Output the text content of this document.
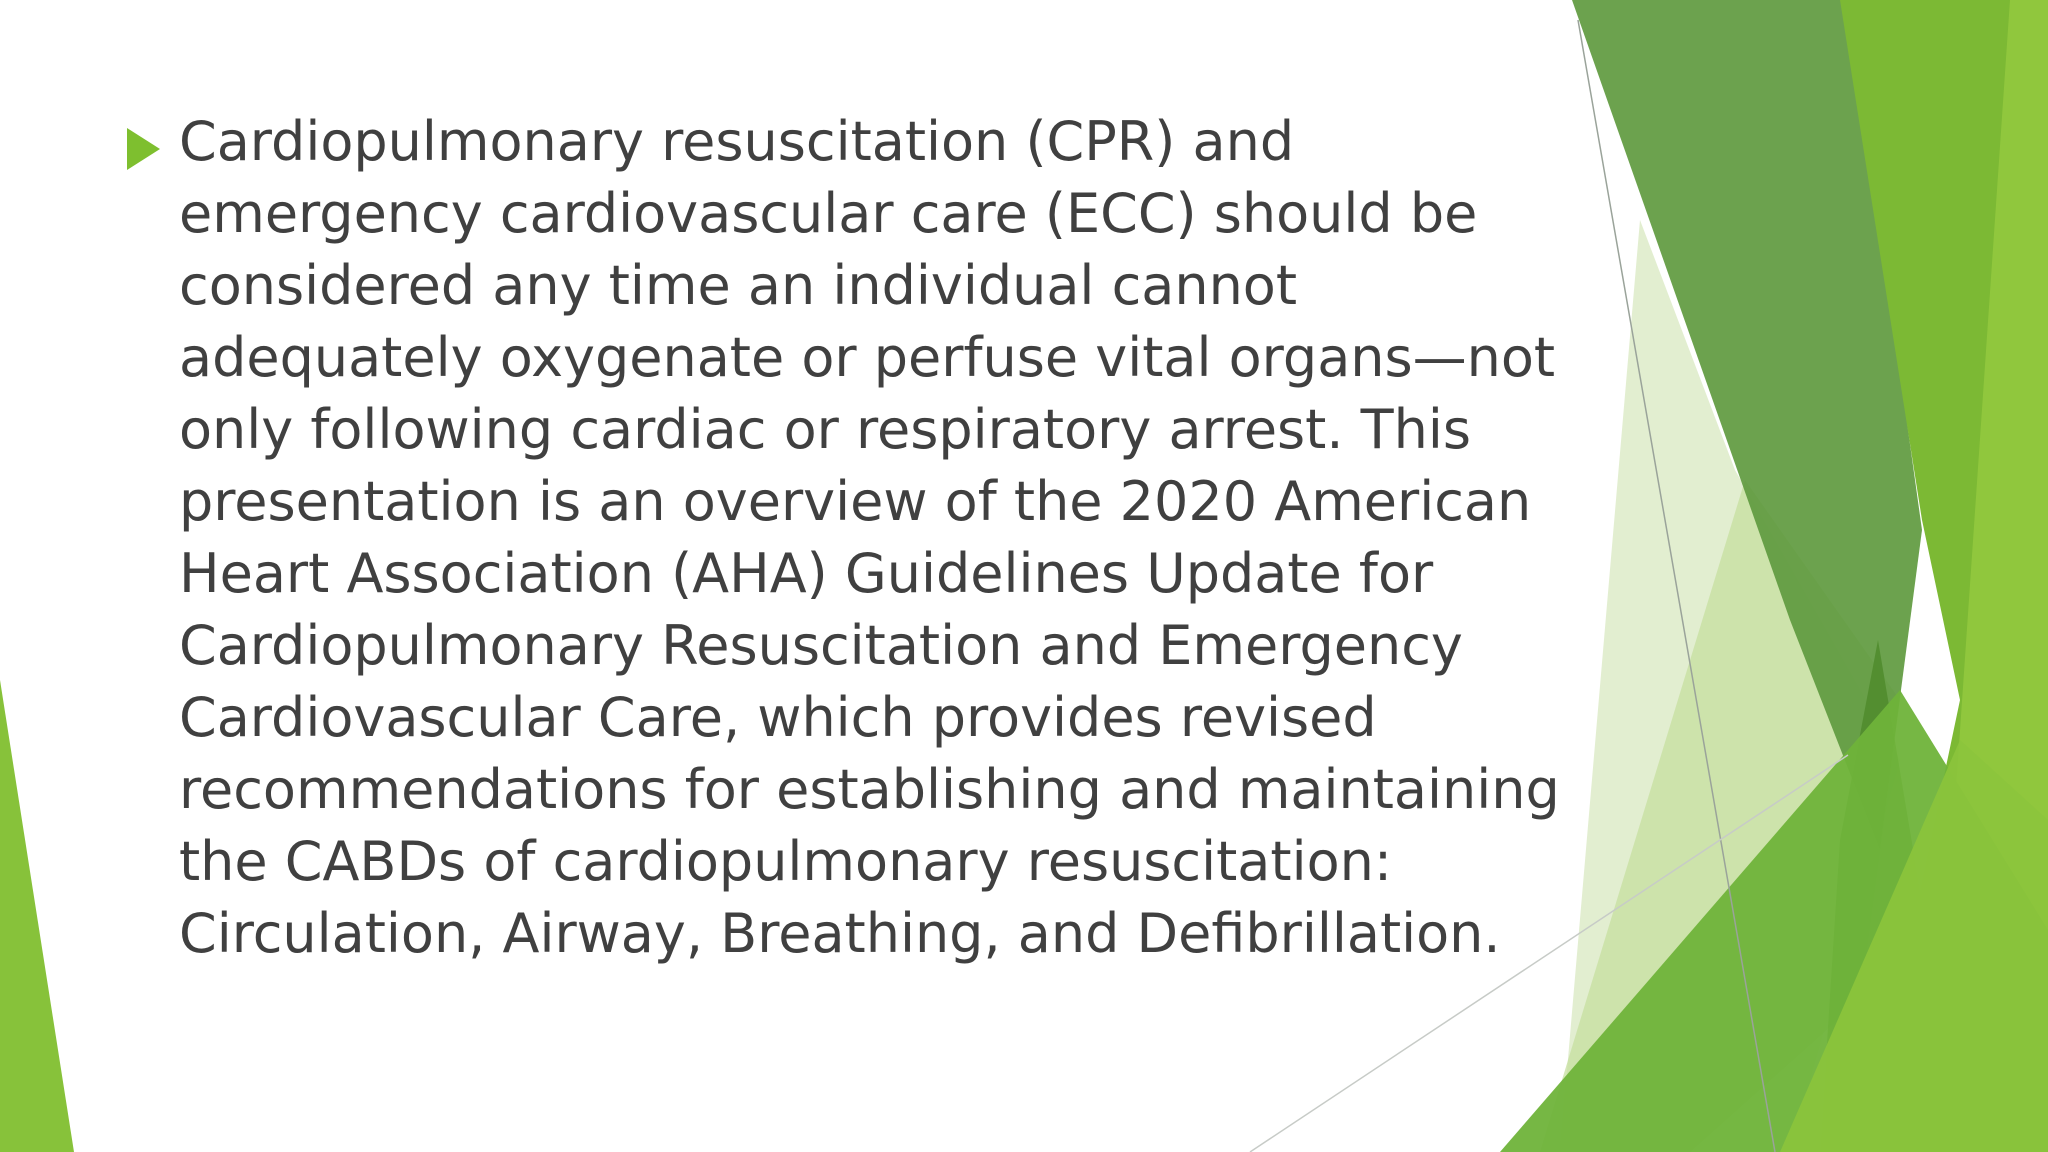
Cardiopulmonary resuscitation (CPR) and emergency cardiovascular care (ECC) should be considered any time an individual cannot adequately oxygenate or perfuse vital organs—not only following cardiac or respiratory arrest. This presentation is an overview of the 2020 American Heart Association (AHA) Guidelines Update for Cardiopulmonary Resuscitation and Emergency Cardiovascular Care, which provides revised recommendations for establishing and maintaining the CABDs of cardiopulmonary resuscitation: Circulation, Airway, Breathing, and Defibrillation.
